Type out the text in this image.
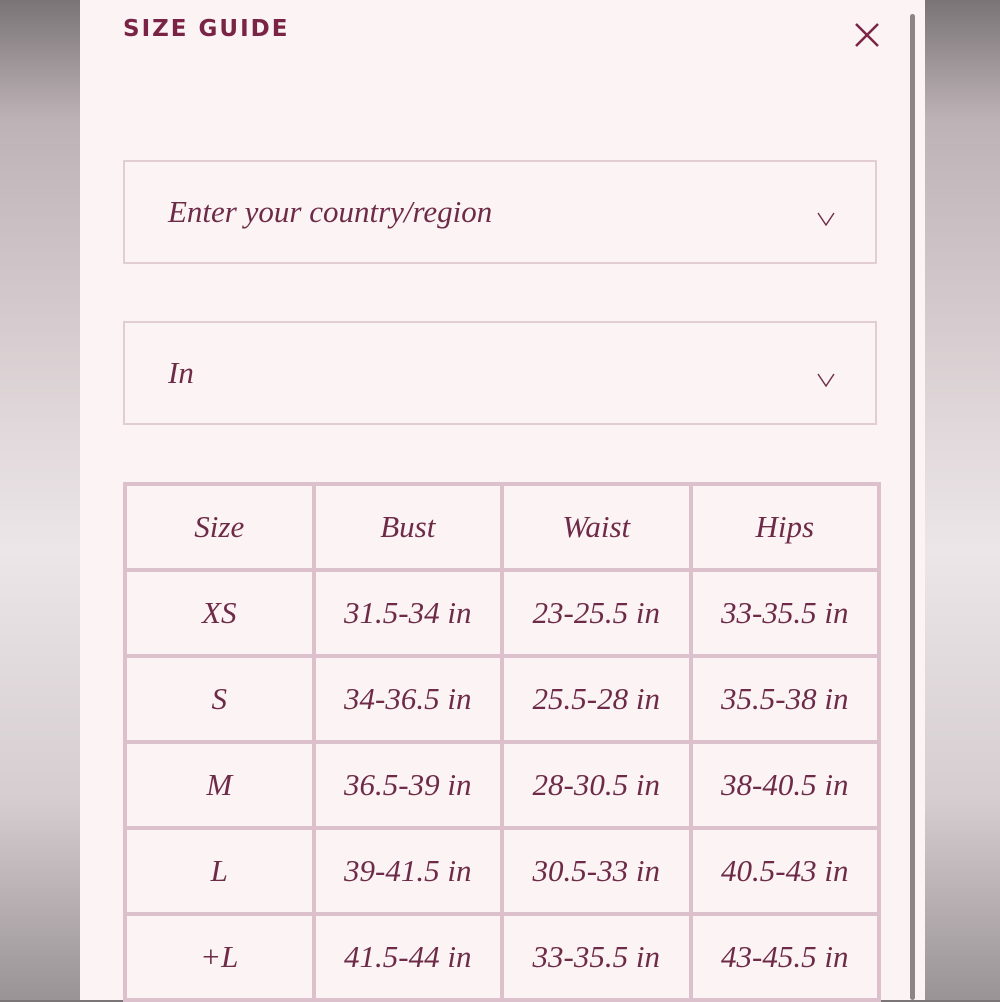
SIZE GUIDE
Enter your country/region
In
Size	Bust	Waist	Hips
XS	31.5-34 in	23-25.5 in	33-35.5 in
S	34-36.5 in	25.5-28 in	35.5-38 in
M	36.5-39 in	28-30.5 in	38-40.5 in
L	39-41.5 in	30.5-33 in	40.5-43 in
+L	41.5-44 in	33-35.5 in	43-45.5 in
